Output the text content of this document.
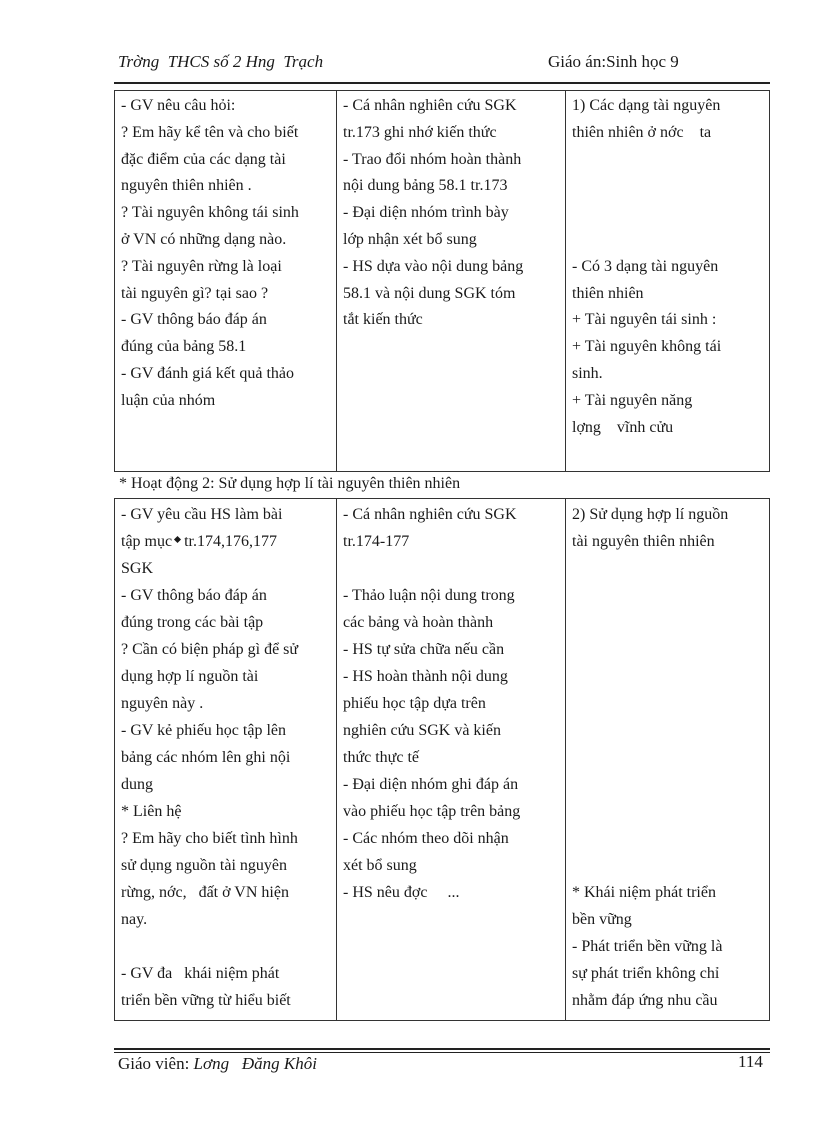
Trờng  THCS số 2 Hng  Trạch	Giáo án:Sinh học 9
- GV nêu câu hỏi:
? Em hãy kể tên và cho biết
đặc điểm của các dạng tài
nguyên thiên nhiên .
? Tài nguyên không tái sinh
ở VN có những dạng nào.
? Tài nguyên rừng là loại
tài nguyên gì? tại sao ?
- GV thông báo đáp án
đúng của bảng 58.1
- GV đánh giá kết quả thảo
luận của nhóm

- Cá nhân nghiên cứu SGK
tr.173 ghi nhớ kiến thức
- Trao đổi nhóm hoàn thành
nội dung bảng 58.1 tr.173
- Đại diện nhóm trình bày
lớp nhận xét bổ sung
- HS dựa vào nội dung bảng
58.1 và nội dung SGK tóm
tắt kiến thức

1) Các dạng tài nguyên
thiên nhiên ở nớc    ta
- Có 3 dạng tài nguyên
thiên nhiên
+ Tài nguyên tái sinh :
+ Tài nguyên không tái
sinh.
+ Tài nguyên năng
lợng    vĩnh cửu
* Hoạt động 2: Sử dụng hợp lí tài nguyên thiên nhiên
- GV yêu cầu HS làm bài
tập mục tr.174,176,177
SGK
- GV thông báo đáp án
đúng trong các bài tập
? Cần có biện pháp gì để sử
dụng hợp lí nguồn tài
nguyên này .
- GV kẻ phiếu học tập lên
bảng các nhóm lên ghi nội
dung
* Liên hệ
? Em hãy cho biết tình hình
sử dụng nguồn tài nguyên
rừng, nớc,   đất ở VN hiện
nay.
- GV đa   khái niệm phát
triển bền vững từ hiểu biết

- Cá nhân nghiên cứu SGK
tr.174-177
- Thảo luận nội dung trong
các bảng và hoàn thành
- HS tự sửa chữa nếu cần
- HS hoàn thành nội dung
phiếu học tập dựa trên
nghiên cứu SGK và kiến
thức thực tế
- Đại diện nhóm ghi đáp án
vào phiếu học tập trên bảng
- Các nhóm theo dõi nhận
xét bổ sung
- HS nêu đợc     ...

2) Sử dụng hợp lí nguồn
tài nguyên thiên nhiên
* Khái niệm phát triển
bền vững
- Phát triển bền vững là
sự phát triển không chỉ
nhằm đáp ứng nhu cầu
Giáo viên: Lơng   Đăng Khôi	114
